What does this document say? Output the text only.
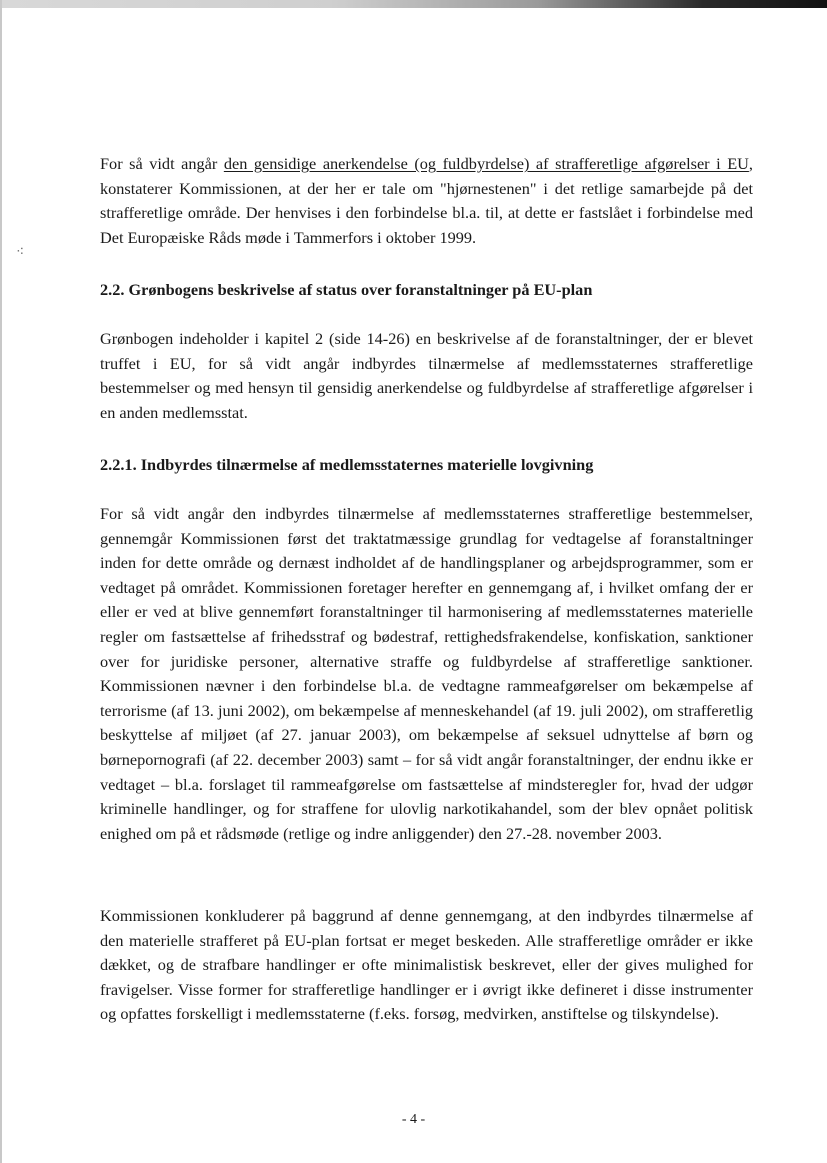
⁖

For så vidt angår den gensidige anerkendelse (og fuldbyrdelse) af strafferetlige afgørelser i EU, konstaterer Kommissionen, at der her er tale om "hjørnestenen" i det retlige samarbejde på det strafferetlige område. Der henvises i den forbindelse bl.a. til, at dette er fastslået i forbindelse med Det Europæiske Råds møde i Tammerfors i oktober 1999.

2.2. Grønbogens beskrivelse af status over foranstaltninger på EU-plan

Grønbogen indeholder i kapitel 2 (side 14-26) en beskrivelse af de foranstaltninger, der er blevet truffet i EU, for så vidt angår indbyrdes tilnærmelse af medlemsstaternes strafferetlige bestemmelser og med hensyn til gensidig anerkendelse og fuldbyrdelse af strafferetlige afgørelser i en anden medlemsstat.

2.2.1. Indbyrdes tilnærmelse af medlemsstaternes materielle lovgivning

For så vidt angår den indbyrdes tilnærmelse af medlemsstaternes strafferetlige bestemmelser, gennemgår Kommissionen først det traktatmæssige grundlag for vedtagelse af foranstaltninger inden for dette område og dernæst indholdet af de handlingsplaner og arbejdsprogrammer, som er vedtaget på området. Kommissionen foretager herefter en gennemgang af, i hvilket omfang der er eller er ved at blive gennemført foranstaltninger til harmonisering af medlemsstaternes materielle regler om fastsættelse af frihedsstraf og bødestraf, rettighedsfrakendelse, konfiskation, sanktioner over for juridiske personer, alternative straffe og fuldbyrdelse af strafferetlige sanktioner. Kommissionen nævner i den forbindelse bl.a. de vedtagne rammeafgørelser om bekæmpelse af terrorisme (af 13. juni 2002), om bekæmpelse af menneskehandel (af 19. juli 2002), om strafferetlig beskyttelse af miljøet (af 27. januar 2003), om bekæmpelse af seksuel udnyttelse af børn og børnepornografi (af 22. december 2003) samt – for så vidt angår foranstaltninger, der endnu ikke er vedtaget – bl.a. forslaget til rammeafgørelse om fastsættelse af mindsteregler for, hvad der udgør kriminelle handlinger, og for straffene for ulovlig narkotikahandel, som der blev opnået politisk enighed om på et rådsmøde (retlige og indre anliggender) den 27.-28. november 2003.

Kommissionen konkluderer på baggrund af denne gennemgang, at den indbyrdes tilnærmelse af den materielle strafferet på EU-plan fortsat er meget beskeden. Alle strafferetlige områder er ikke dækket, og de strafbare handlinger er ofte minimalistisk beskrevet, eller der gives mulighed for fravigelser. Visse former for strafferetlige handlinger er i øvrigt ikke defineret i disse instrumenter og opfattes forskelligt i medlemsstaterne (f.eks. forsøg, medvirken, anstiftelse og tilskyndelse).

- 4 -
